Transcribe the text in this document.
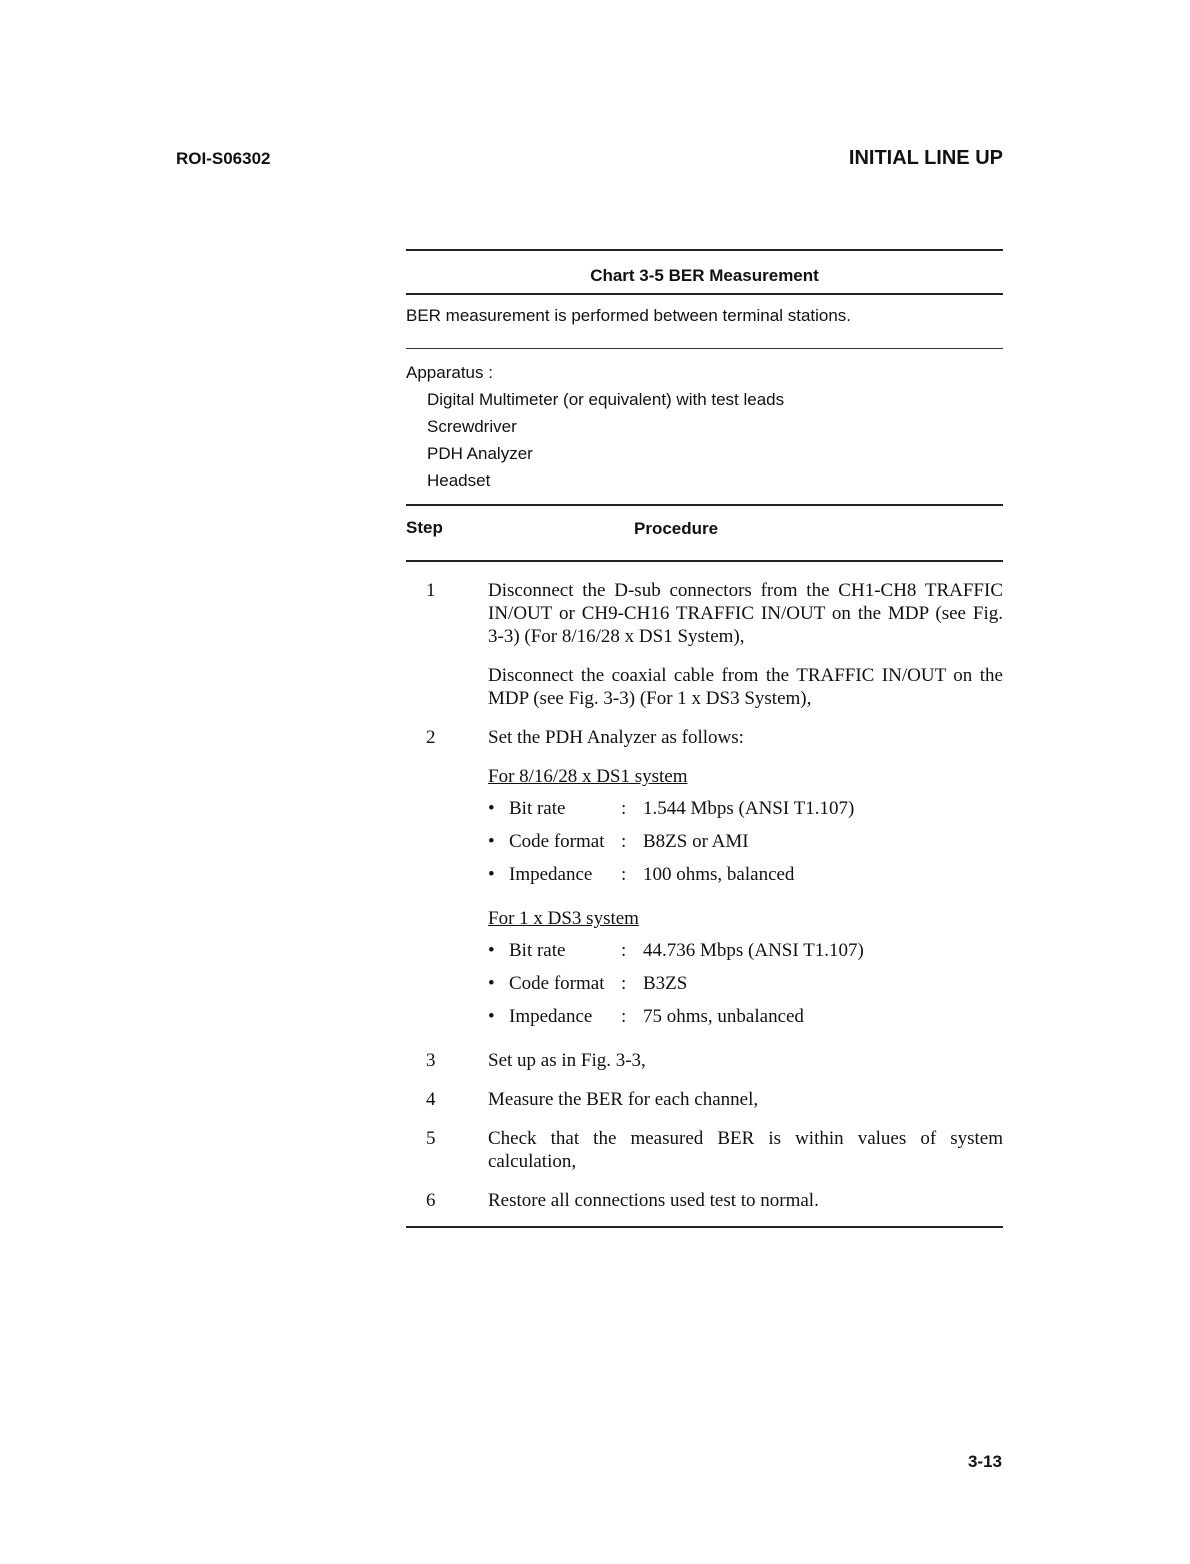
ROI-S06302	INITIAL LINE UP
Chart 3-5 BER Measurement
BER measurement is performed between terminal stations.
Apparatus :
Digital Multimeter (or equivalent) with test leads
Screwdriver
PDH Analyzer
Headset
Step	Procedure
1	Disconnect the D-sub connectors from the CH1-CH8 TRAFFIC IN/OUT or CH9-CH16 TRAFFIC IN/OUT on the MDP (see Fig. 3-3) (For 8/16/28 x DS1 System),

Disconnect the coaxial cable from the TRAFFIC IN/OUT on the MDP (see Fig. 3-3) (For 1 x DS3 System),

2	Set the PDH Analyzer as follows:

For 8/16/28 x DS1 system
• Bit rate	: 1.544 Mbps (ANSI T1.107)
• Code format : B8ZS or AMI
• Impedance	: 100 ohms, balanced
For 1 x DS3 system
• Bit rate	: 44.736 Mbps (ANSI T1.107)
• Code format : B3ZS
• Impedance	: 75 ohms, unbalanced
3	Set up as in Fig. 3-3,

4	Measure the BER for each channel,

5	Check that the measured BER is within values of system calculation,

6	Restore all connections used test to normal.

3-13
